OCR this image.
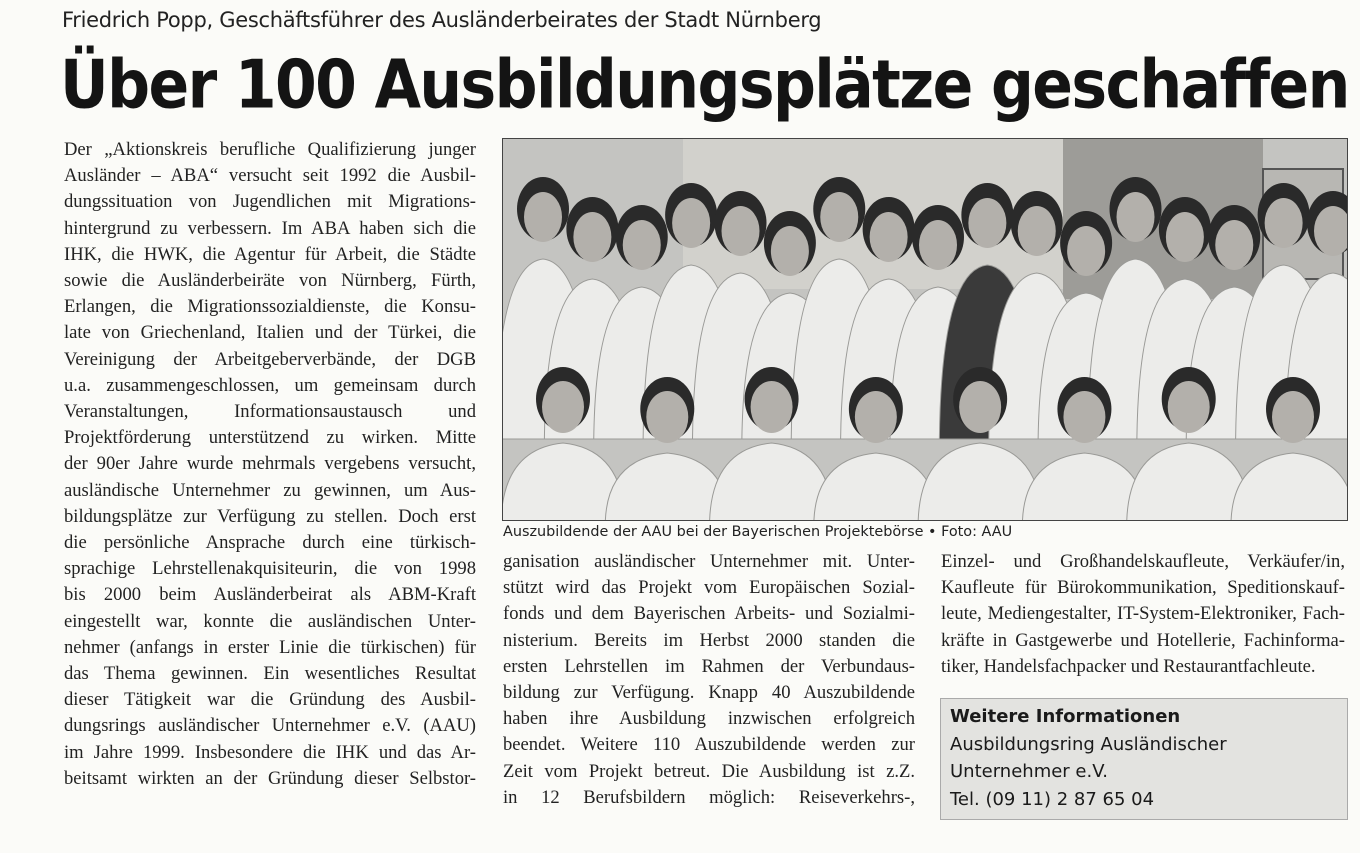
Friedrich Popp, Geschäftsführer des Ausländerbeirates der Stadt Nürnberg
Über 100 Ausbildungsplätze geschaffen

Der „Aktionskreis berufliche Qualifizierung junger

Ausländer – ABA“ versucht seit 1992 die Ausbil-

dungssituation von Jugendlichen mit Migrations-

hintergrund zu verbessern. Im ABA haben sich die

IHK, die HWK, die Agentur für Arbeit, die Städte

sowie die Ausländerbeiräte von Nürnberg, Fürth,

Erlangen, die Migrationssozialdienste, die Konsu-

late von Griechenland, Italien und der Türkei, die

Vereinigung der Arbeitgeberverbände, der DGB

u.a. zusammengeschlossen, um gemeinsam durch

Veranstaltungen, Informationsaustausch und

Projektförderung unterstützend zu wirken. Mitte

der 90er Jahre wurde mehrmals vergebens versucht,

ausländische Unternehmer zu gewinnen, um Aus-

bildungsplätze zur Verfügung zu stellen. Doch erst

die persönliche Ansprache durch eine türkisch-

sprachige Lehrstellenakquisiteurin, die von 1998

bis 2000 beim Ausländerbeirat als ABM-Kraft

eingestellt war, konnte die ausländischen Unter-

nehmer (anfangs in erster Linie die türkischen) für

das Thema gewinnen. Ein wesentliches Resultat

dieser Tätigkeit war die Gründung des Ausbil-

dungsrings ausländischer Unternehmer e.V. (AAU)

im Jahre 1999. Insbesondere die IHK und das Ar-

beitsamt wirkten an der Gründung dieser Selbstor-

Auszubildende der AAU bei der Bayerischen Projektebörse • Foto: AAU

ganisation ausländischer Unternehmer mit. Unter-

stützt wird das Projekt vom Europäischen Sozial-

fonds und dem Bayerischen Arbeits- und Sozialmi-

nisterium. Bereits im Herbst 2000 standen die

ersten Lehrstellen im Rahmen der Verbundaus-

bildung zur Verfügung. Knapp 40 Auszubildende

haben ihre Ausbildung inzwischen erfolgreich

beendet. Weitere 110 Auszubildende werden zur

Zeit vom Projekt betreut. Die Ausbildung ist z.Z.

in 12 Berufsbildern möglich: Reiseverkehrs-,

Einzel- und Großhandelskaufleute, Verkäufer/in,

Kaufleute für Bürokommunikation, Speditionskauf-

leute, Mediengestalter, IT-System-Elektroniker, Fach-

kräfte in Gastgewerbe und Hotellerie, Fachinforma-

tiker, Handelsfachpacker und Restaurantfachleute.

Weitere Informationen
Ausbildungsring Ausländischer
Unternehmer e.V.
Tel. (09 11) 2 87 65 04
